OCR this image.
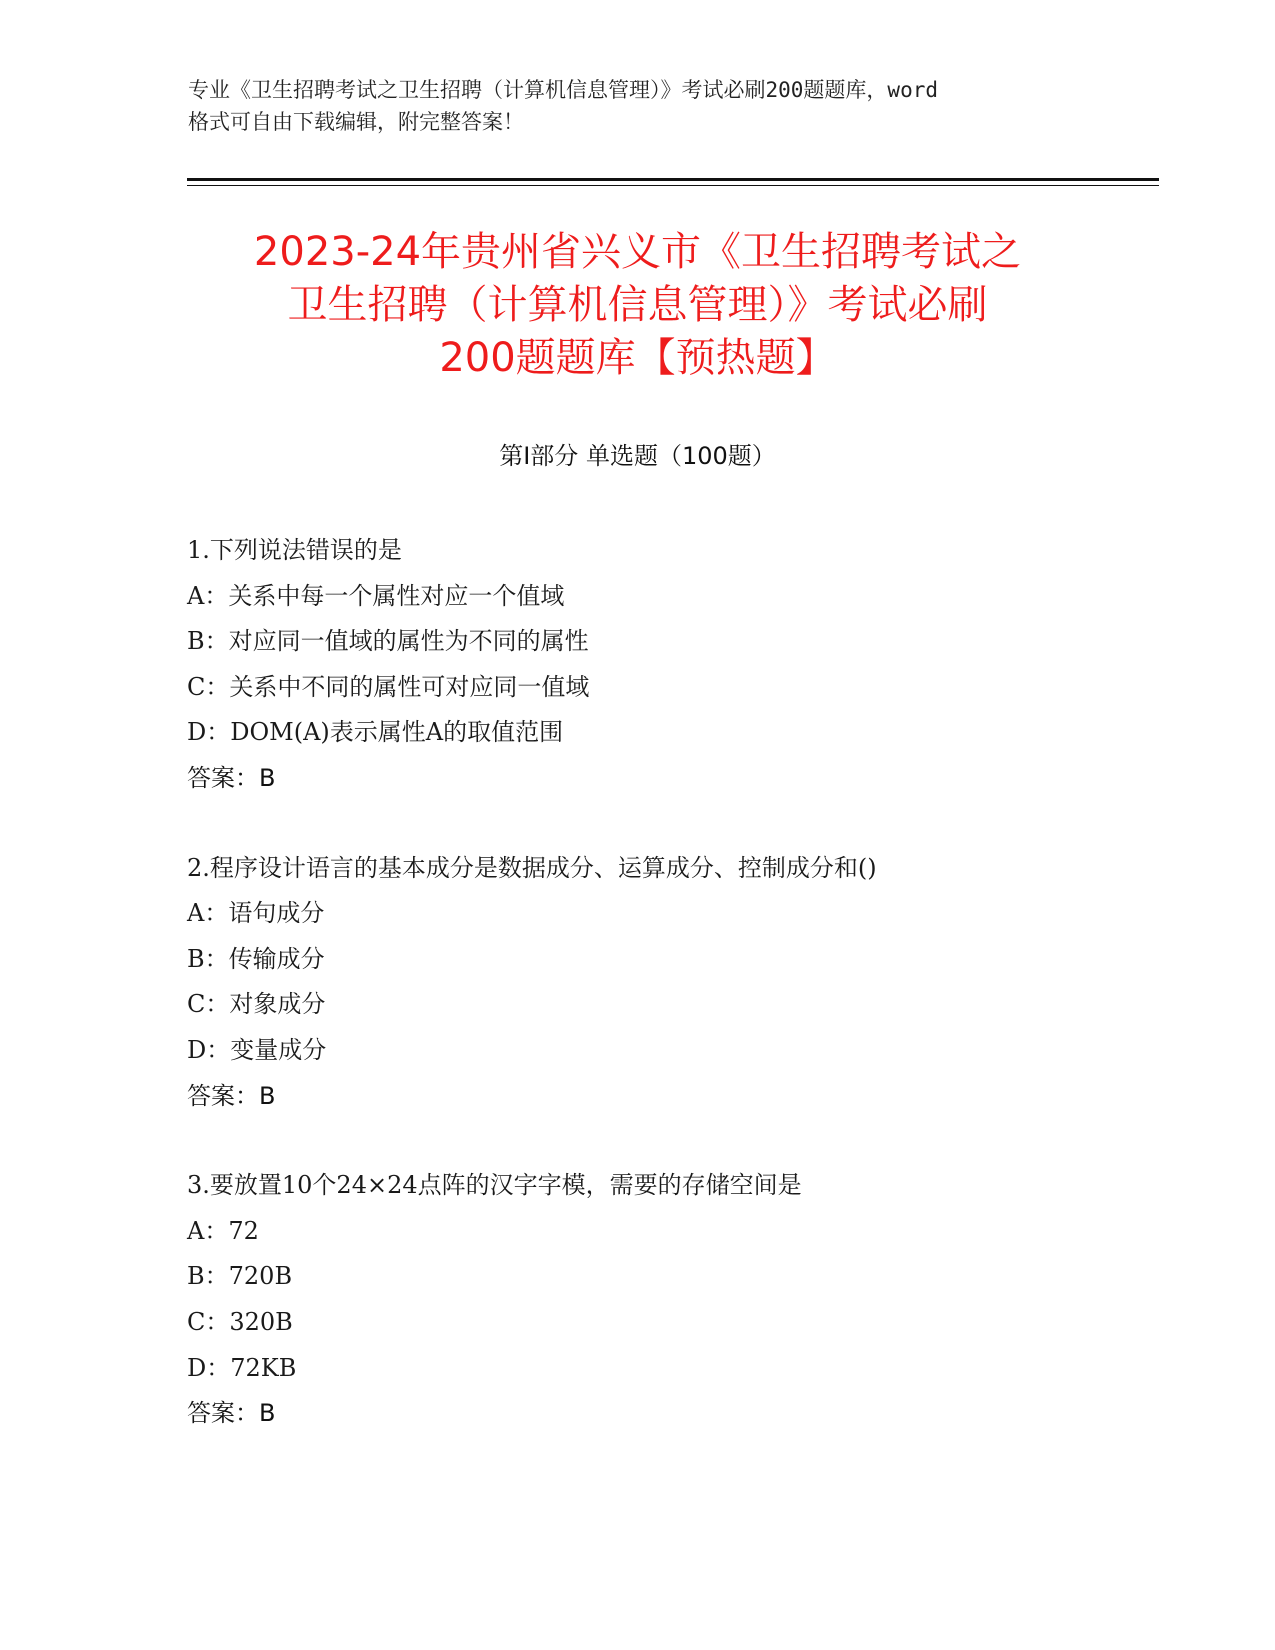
专业《卫生招聘考试之卫生招聘（计算机信息管理）》考试必刷200题题库，word
格式可自由下载编辑，附完整答案！
2023-24年贵州省兴义市《卫生招聘考试之
卫生招聘（计算机信息管理）》考试必刷
200题题库【预热题】
第Ⅰ部分 单选题（100题）
1.下列说法错误的是
A：关系中每一个属性对应一个值域
B：对应同一值域的属性为不同的属性
C：关系中不同的属性可对应同一值域
D：DOM(A)表示属性A的取值范围
答案：B
2.程序设计语言的基本成分是数据成分、运算成分、控制成分和()
A：语句成分
B：传输成分
C：对象成分
D：变量成分
答案：B
3.要放置10个24×24点阵的汉字字模，需要的存储空间是
A：72
B：720B
C：320B
D：72KB
答案：B
